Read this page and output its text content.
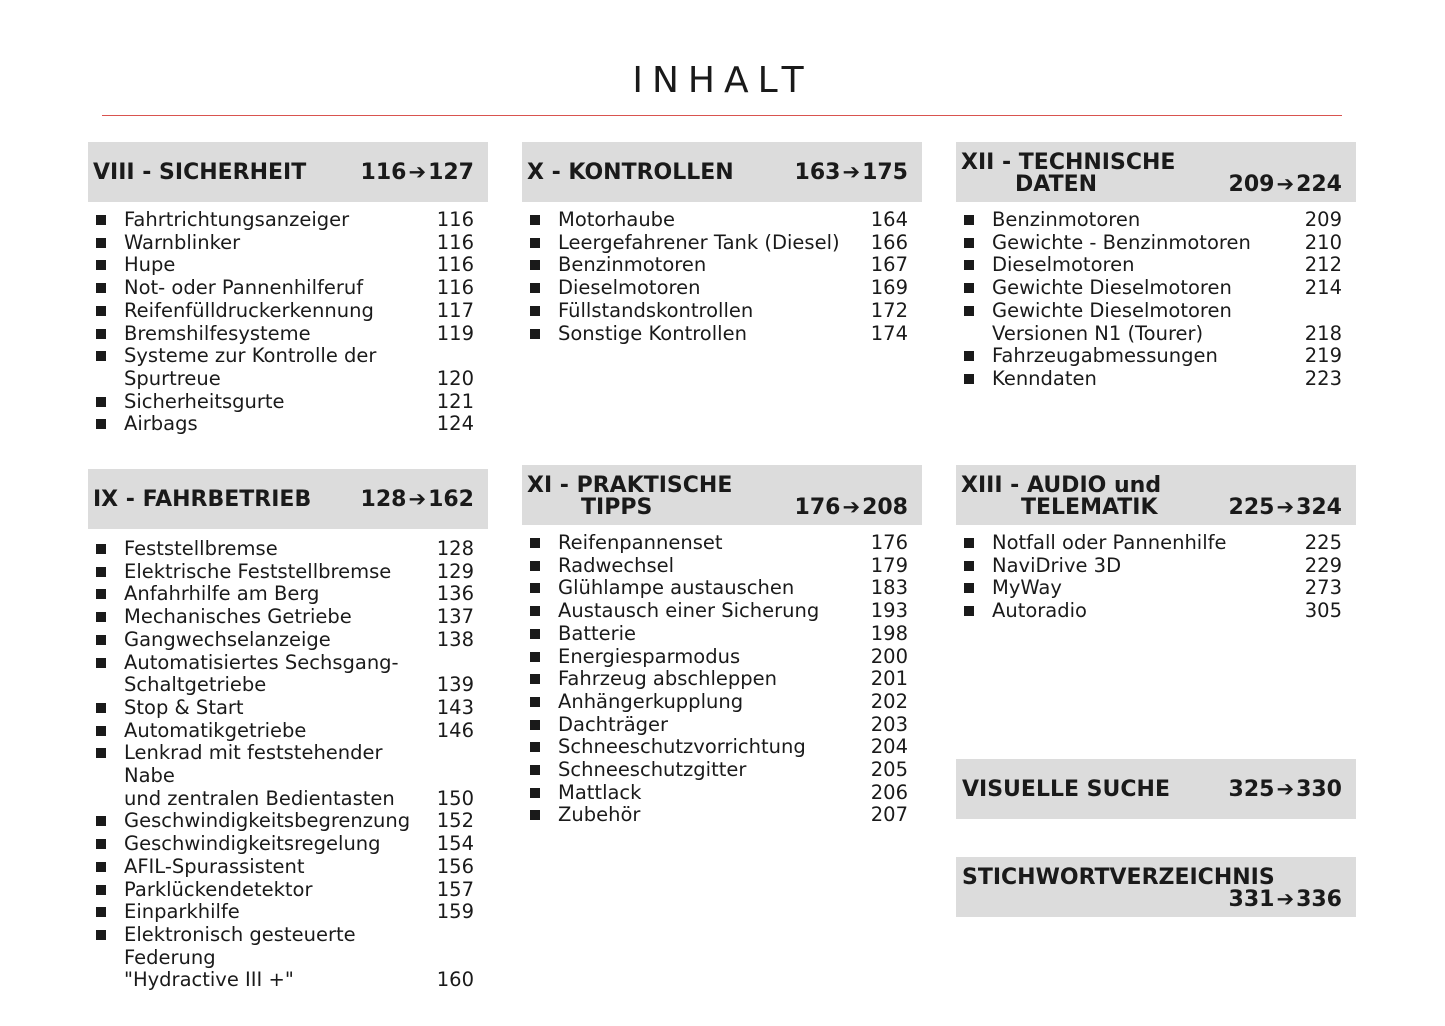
INHALT
VIII - SICHERHEIT 116➔127
Fahrtrichtungsanzeiger	116
Warnblinker	116
Hupe	116
Not- oder Pannenhilferuf	116
Reifenfülldruckerkennung	117
Bremshilfesysteme	119
Systeme zur Kontrolle der
Spurtreue	120
Sicherheitsgurte	121
Airbags	124
IX - FAHRBETRIEB 128➔162
Feststellbremse	128
Elektrische Feststellbremse	129
Anfahrhilfe am Berg	136
Mechanisches Getriebe	137
Gangwechselanzeige	138
Automatisiertes Sechsgang-
Schaltgetriebe	139
Stop & Start	143
Automatikgetriebe	146
Lenkrad mit feststehender Nabe
und zentralen Bedientasten	150
Geschwindigkeitsbegrenzung	152
Geschwindigkeitsregelung	154
AFIL-Spurassistent	156
Parklückendetektor	157
Einparkhilfe	159
Elektronisch gesteuerte Federung
"Hydractive III +"	160
X - KONTROLLEN	163➔175
Motorhaube	164
Leergefahrener Tank (Diesel)	166
Benzinmotoren	167
Dieselmotoren	169
Füllstandskontrollen	172
Sonstige Kontrollen	174
XI - PRAKTISCHE
TIPPS	176➔208
Reifenpannenset	176
Radwechsel	179
Glühlampe austauschen	183
Austausch einer Sicherung	193
Batterie	198
Energiesparmodus	200
Fahrzeug abschleppen	201
Anhängerkupplung	202
Dachträger	203
Schneeschutzvorrichtung	204
Schneeschutzgitter	205
Mattlack	206
Zubehör	207
XII - TECHNISCHE
DATEN	209➔224
Benzinmotoren	209
Gewichte - Benzinmotoren	210
Dieselmotoren	212
Gewichte Dieselmotoren	214
Gewichte Dieselmotoren
Versionen N1 (Tourer)	218
Fahrzeugabmessungen	219
Kenndaten	223
XIII - AUDIO und
TELEMATIK	225➔324
Notfall oder Pannenhilfe	225
NaviDrive 3D	229
MyWay	273
Autoradio	305
VISUELLE SUCHE	325➔330
STICHWORTVERZEICHNIS
331➔336
